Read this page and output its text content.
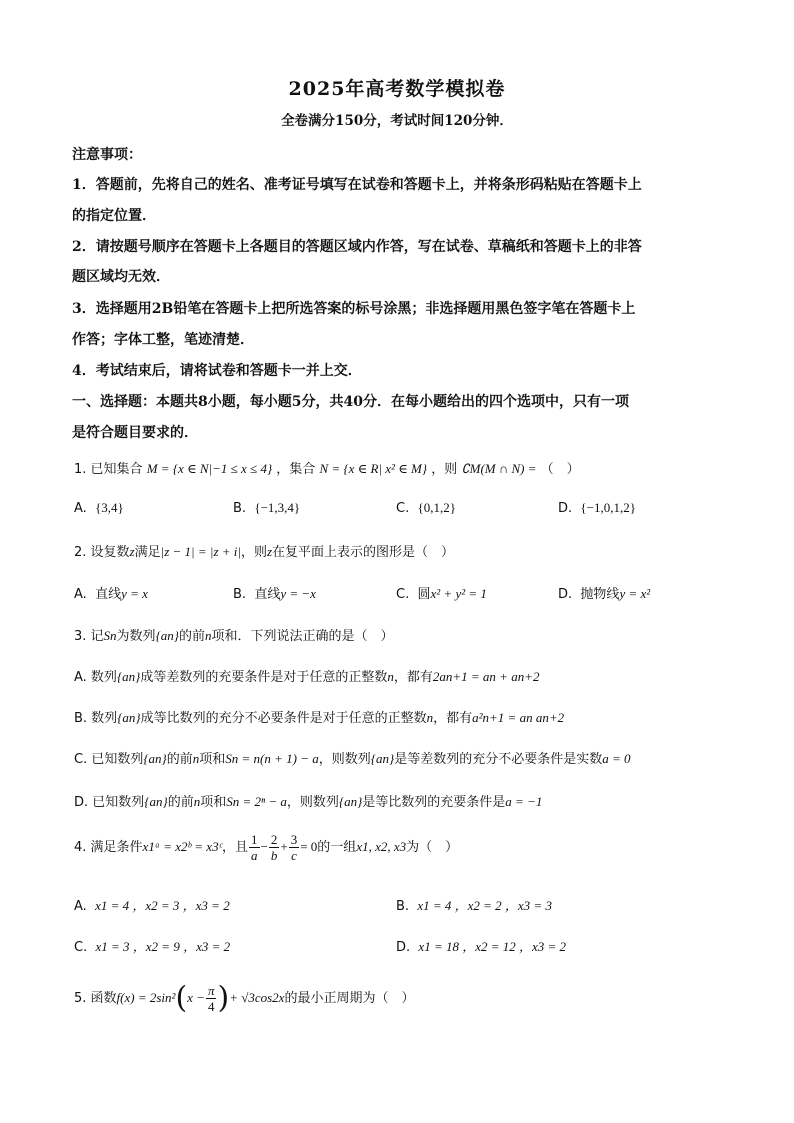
2025年高考数学模拟卷
全卷满分150分，考试时间120分钟．
注意事项：
1．答题前，先将自己的姓名、准考证号填写在试卷和答题卡上，并将条形码粘贴在答题卡上
的指定位置．
2．请按题号顺序在答题卡上各题目的答题区域内作答，写在试卷、草稿纸和答题卡上的非答
题区域均无效．
3．选择题用2B铅笔在答题卡上把所选答案的标号涂黑；非选择题用黑色签字笔在答题卡上
作答；字体工整，笔迹清楚．
4．考试结束后，请将试卷和答题卡一并上交．
一、选择题：本题共8小题，每小题5分，共40分．在每小题给出的四个选项中，只有一项
是符合题目要求的．
1. 已知集合 M = {x ∈ N|−1 ≤ x ≤ 4} ，集合 N = {x ∈ R| x² ∈ M} ，则 ∁M(M ∩ N) = （　）
A. {3,4}	B. {−1,3,4}	C. {0,1,2}	D. {−1,0,1,2}
2. 设复数z满足|z − 1| = |z + i|，则z在复平面上表示的图形是（　）
A. 直线y = x	B. 直线y = −x	C. 圆x² + y² = 1	D. 抛物线y = x²
3. 记Sn为数列{an}的前n项和．下列说法正确的是（　）
A. 数列{an}成等差数列的充要条件是对于任意的正整数n，都有2an+1 = an + an+2
B. 数列{an}成等比数列的充分不必要条件是对于任意的正整数n，都有a²n+1 = an an+2
C. 已知数列{an}的前n项和Sn = n(n + 1) − a，则数列{an}是等差数列的充分不必要条件是实数a = 0
D. 已知数列{an}的前n项和Sn = 2ⁿ − a，则数列{an}是等比数列的充要条件是a = −1
4. 满足条件x1ᵃ = x2ᵇ = x3ᶜ，且 $\frac{1}{a} - \frac{2}{b} + \frac{3}{c} = 0$的一组x1, x2, x3为（　）
A. x1 = 4 ，x2 = 3 ，x3 = 2	B. x1 = 4 ，x2 = 2 ，x3 = 3
C. x1 = 3 ，x2 = 9 ，x3 = 2	D. x1 = 18 ，x2 = 12 ，x3 = 2
5. 函数$f(x) = 2\sin^2(x - \frac{\pi}{4}$ )+ √3cos2x的最小正周期为（　）
